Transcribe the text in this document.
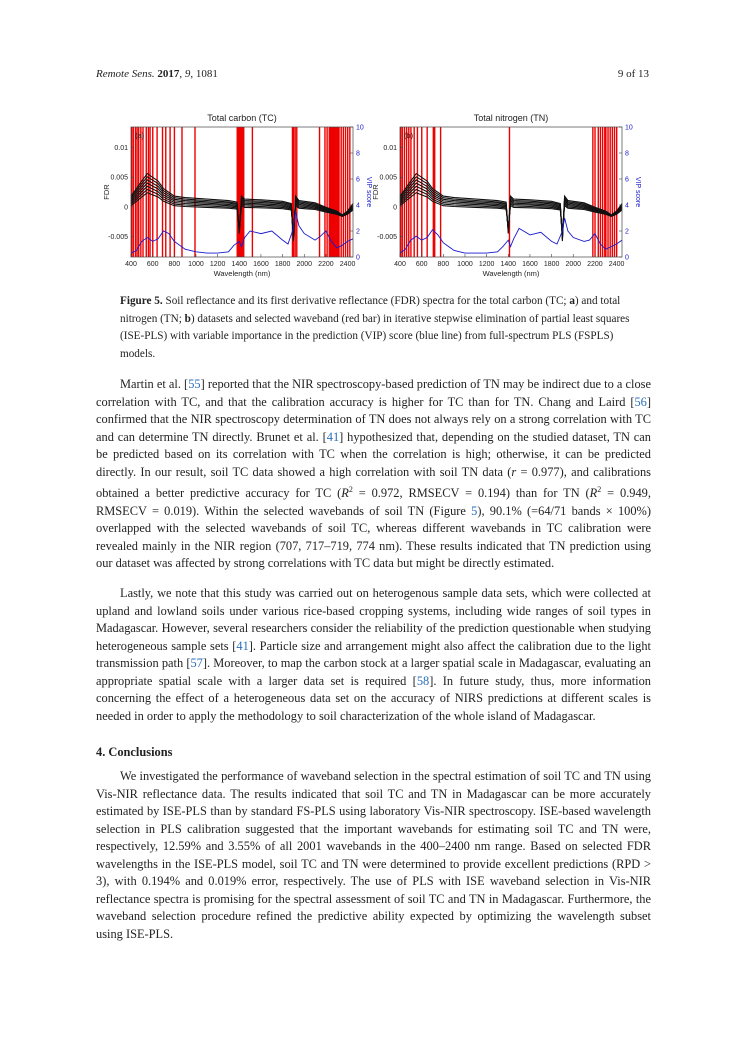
Remote Sens. 2017, 9, 1081	9 of 13
Total carbon (TC)
(a)
400 600 800 1000 1200 1400 1600 1800 2000 2200 2400
Wavelength (nm)
0.01
0.005
0
-0.005
FDR
10
8
6
4
2
0
VIP score
Total nitrogen (TN)
(b)
400 600 800 1000 1200 1400 1600 1800 2000 2200 2400
Wavelength (nm)
0.01
0.005
0
-0.005
FDR
10
8
6
4
2
0
VIP score
Figure 5. Soil reflectance and its first derivative reflectance (FDR) spectra for the total carbon (TC; a) and total nitrogen (TN; b) datasets and selected waveband (red bar) in iterative stepwise elimination of partial least squares (ISE-PLS) with variable importance in the prediction (VIP) score (blue line) from full-spectrum PLS (FSPLS) models.

Martin et al. [55] reported that the NIR spectroscopy-based prediction of TN may be indirect due to a close correlation with TC, and that the calibration accuracy is higher for TC than for TN. Chang and Laird [56] confirmed that the NIR spectroscopy determination of TN does not always rely on a strong correlation with TC and can determine TN directly. Brunet et al. [41] hypothesized that, depending on the studied dataset, TN can be predicted based on its correlation with TC when the correlation is high; otherwise, it can be predicted directly. In our result, soil TC data showed a high correlation with soil TN data (r = 0.977), and calibrations obtained a better predictive accuracy for TC ($R^2 = 0.972$, RMSECV = 0.194) than for TN ($R^2 = 0.949$, RMSECV = 0.019). Within the selected wavebands of soil TN (Figure 5), 90.1% (=64/71 bands × 100%) overlapped with the selected wavebands of soil TC, whereas different wavebands in TC calibration were revealed mainly in the NIR region (707, 717–719, 774 nm). These results indicated that TN prediction using our dataset was affected by strong correlations with TC data but might be directly estimated.

Lastly, we note that this study was carried out on heterogenous sample data sets, which were collected at upland and lowland soils under various rice-based cropping systems, including wide ranges of soil types in Madagascar. However, several researchers consider the reliability of the prediction questionable when studying heterogeneous sample sets [41]. Particle size and arrangement might also affect the calibration due to the light transmission path [57]. Moreover, to map the carbon stock at a larger spatial scale in Madagascar, evaluating an appropriate spatial scale with a larger data set is required [58]. In future study, thus, more information concerning the effect of a heterogeneous data set on the accuracy of NIRS predictions at different scales is needed in order to apply the methodology to soil characterization of the whole island of Madagascar.

4. Conclusions

We investigated the performance of waveband selection in the spectral estimation of soil TC and TN using Vis-NIR reflectance data. The results indicated that soil TC and TN in Madagascar can be more accurately estimated by ISE-PLS than by standard FS-PLS using laboratory Vis-NIR spectroscopy. ISE-based wavelength selection in PLS calibration suggested that the important wavebands for estimating soil TC and TN were, respectively, 12.59% and 3.55% of all 2001 wavebands in the 400–2400 nm range. Based on selected FDR wavelengths in the ISE-PLS model, soil TC and TN were determined to provide excellent predictions (RPD > 3), with 0.194% and 0.019% error, respectively. The use of PLS with ISE waveband selection in Vis-NIR reflectance spectra is promising for the spectral assessment of soil TC and TN in Madagascar. Furthermore, the waveband selection procedure refined the predictive ability expected by optimizing the wavelength subset using ISE-PLS.
